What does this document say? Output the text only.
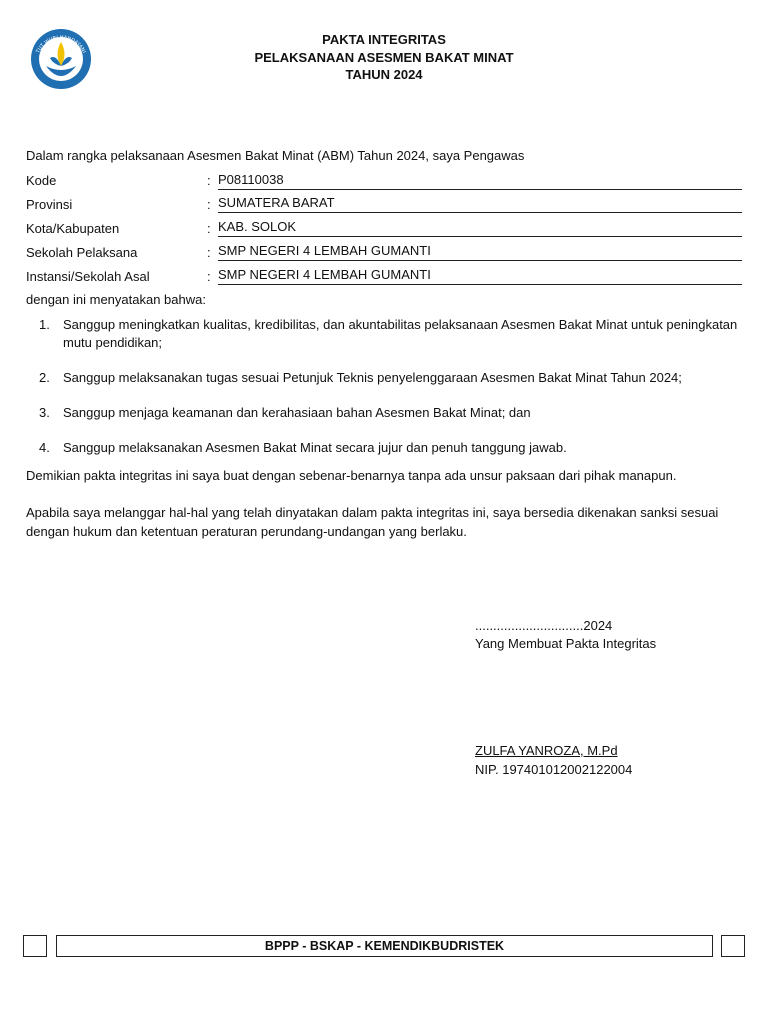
TUT WURI HANDAYANI
PAKTA INTEGRITAS
PELAKSANAAN ASESMEN BAKAT MINAT
TAHUN 2024
Dalam rangka pelaksanaan Asesmen Bakat Minat (ABM) Tahun 2024, saya Pengawas
Kode	: P08110038
Provinsi	: SUMATERA BARAT
Kota/Kabupaten	: KAB. SOLOK
Sekolah Pelaksana	: SMP NEGERI 4 LEMBAH GUMANTI
Instansi/Sekolah Asal	: SMP NEGERI 4 LEMBAH GUMANTI
dengan ini menyatakan bahwa:
1. Sanggup meningkatkan kualitas, kredibilitas, dan akuntabilitas pelaksanaan Asesmen Bakat Minat untuk peningkatan mutu pendidikan;
2. Sanggup melaksanakan tugas sesuai Petunjuk Teknis penyelenggaraan Asesmen Bakat Minat Tahun 2024;
3. Sanggup menjaga keamanan dan kerahasiaan bahan Asesmen Bakat Minat; dan
4. Sanggup melaksanakan Asesmen Bakat Minat secara jujur dan penuh tanggung jawab.
Demikian pakta integritas ini saya buat dengan sebenar-benarnya tanpa ada unsur paksaan dari pihak manapun.
Apabila saya melanggar hal-hal yang telah dinyatakan dalam pakta integritas ini, saya bersedia dikenakan sanksi sesuai dengan hukum dan ketentuan peraturan perundang-undangan yang berlaku.
..............................2024
Yang Membuat Pakta Integritas
ZULFA YANROZA, M.Pd
NIP. 197401012002122004
BPPP - BSKAP - KEMENDIKBUDRISTEK
